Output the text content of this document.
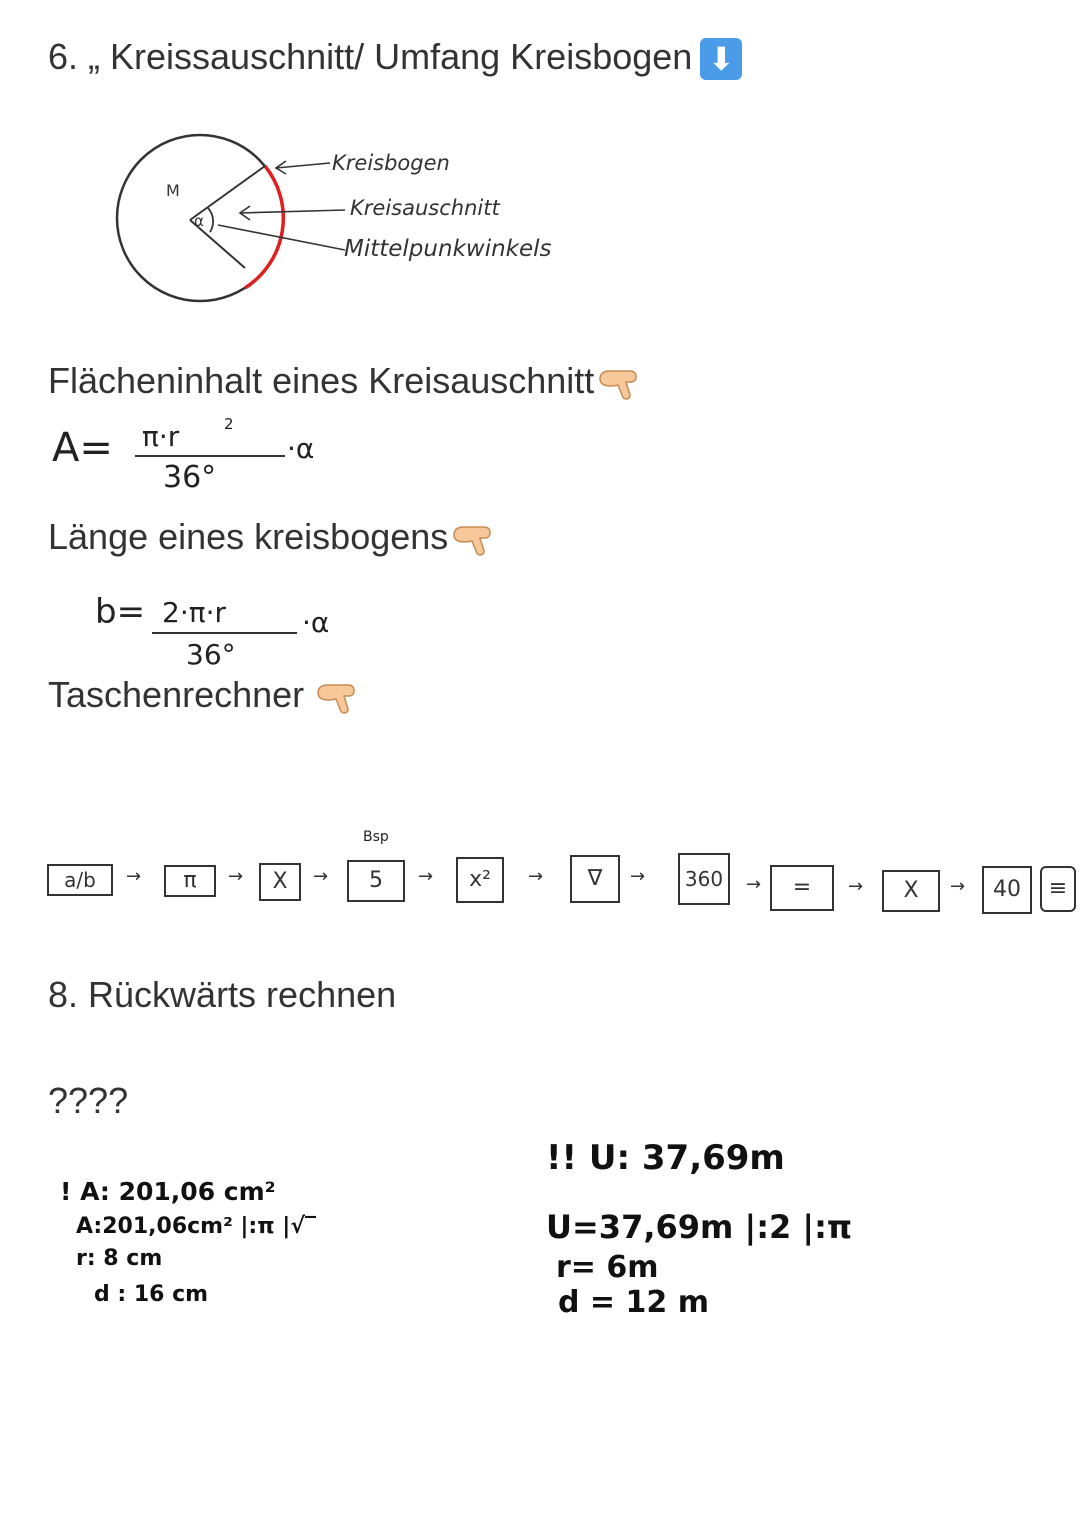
6. „ Kreissauschnitt/ Umfang Kreisbogen ⬇
M
α
Kreisbogen
Kreisauschnitt
Mittelpunkwinkels
Flächeninhalt eines Kreisauschnitt
A= π·r	2
36°
·α
Länge eines kreisbogens
b= 2·π·r
36°
·α
Taschenrechner
Bsp
a/b	→	π	→	X	→	5	→	x²	→	∇	→	360	→	=	→	X	→	40	≡
8. Rückwärts rechnen
????
! A: 201,06 cm²
A:201,06cm² |:π |√‾
r: 8 cm
d : 16 cm
!! U: 37,69m
U=37,69m |:2 |:π
r= 6m
d = 12 m
